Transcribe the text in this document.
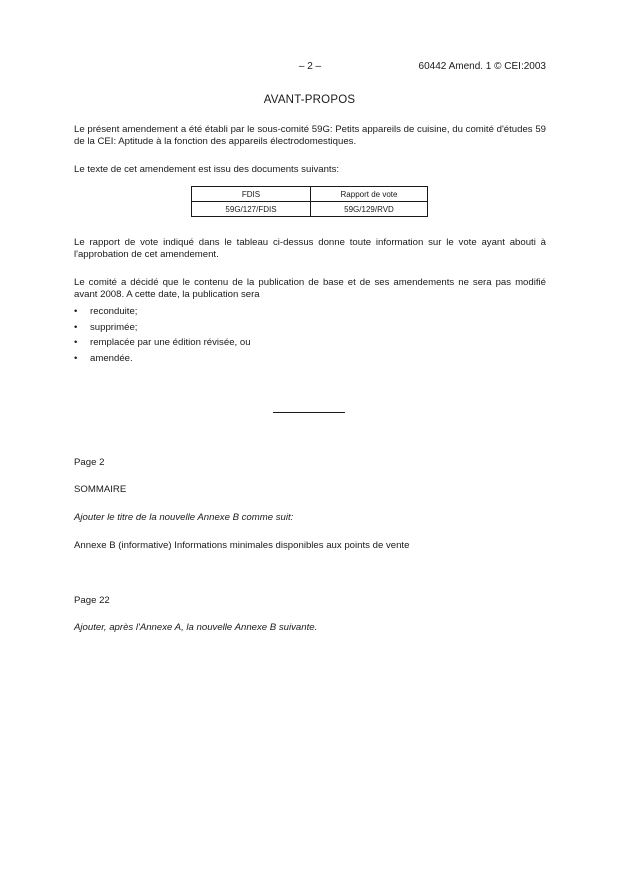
– 2 –	60442 Amend. 1 © CEI:2003
AVANT-PROPOS
Le présent amendement a été établi par le sous-comité 59G: Petits appareils de cuisine, du comité d'études 59 de la CEI: Aptitude à la fonction des appareils électrodomestiques.
Le texte de cet amendement est issu des documents suivants:
FDIS	Rapport de vote
59G/127/FDIS	59G/129/RVD
Le rapport de vote indiqué dans le tableau ci-dessus donne toute information sur le vote ayant abouti à l'approbation de cet amendement.
Le comité a décidé que le contenu de la publication de base et de ses amendements ne sera pas modifié avant 2008. A cette date, la publication sera
• reconduite;
• supprimée;
• remplacée par une édition révisée, ou
• amendée.
Page 2
SOMMAIRE
Ajouter le titre de la nouvelle Annexe B comme suit:
Annexe B (informative) Informations minimales disponibles aux points de vente
Page 22
Ajouter, après l'Annexe A, la nouvelle Annexe B suivante.
